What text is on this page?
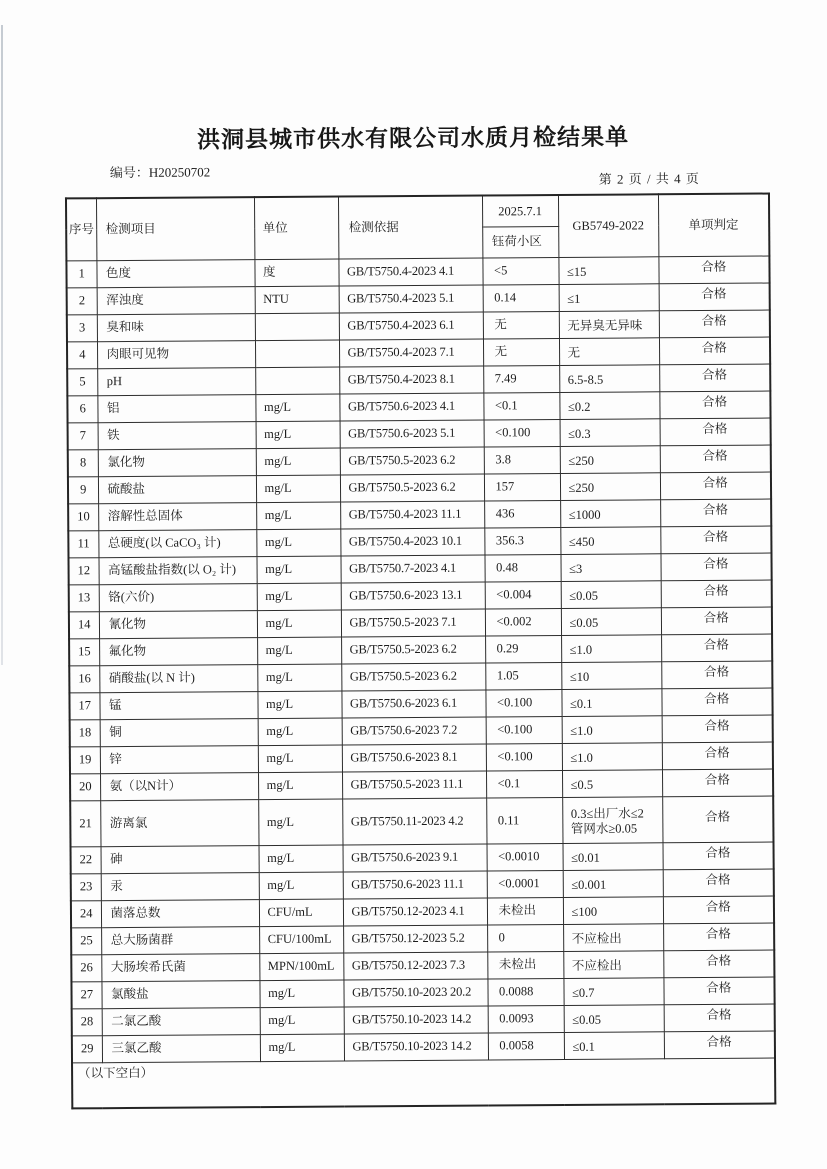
洪洞县城市供水有限公司水质月检结果单
编号：H20250702	第 2 页 / 共 4 页
序号	检测项目	单位	检测依据	2025.7.1	GB5749-2022	单项判定
				钰荷小区		
1	色度	度	GB/T5750.4-2023 4.1	<5	≤15	合格
2	浑浊度	NTU	GB/T5750.4-2023 5.1	0.14	≤1	合格
3	臭和味		GB/T5750.4-2023 6.1	无	无异臭无异味	合格
4	肉眼可见物		GB/T5750.4-2023 7.1	无	无	合格
5	pH		GB/T5750.4-2023 8.1	7.49	6.5-8.5	合格
6	铝	mg/L	GB/T5750.6-2023 4.1	<0.1	≤0.2	合格
7	铁	mg/L	GB/T5750.6-2023 5.1	<0.100	≤0.3	合格
8	氯化物	mg/L	GB/T5750.5-2023 6.2	3.8	≤250	合格
9	硫酸盐	mg/L	GB/T5750.5-2023 6.2	157	≤250	合格
10	溶解性总固体	mg/L	GB/T5750.4-2023 11.1	436	≤1000	合格
11	总硬度(以 CaCO₃ 计)	mg/L	GB/T5750.4-2023 10.1	356.3	≤450	合格
12	高锰酸盐指数(以 O₂ 计)	mg/L	GB/T5750.7-2023 4.1	0.48	≤3	合格
13	铬(六价)	mg/L	GB/T5750.6-2023 13.1	<0.004	≤0.05	合格
14	氰化物	mg/L	GB/T5750.5-2023 7.1	<0.002	≤0.05	合格
15	氟化物	mg/L	GB/T5750.5-2023 6.2	0.29	≤1.0	合格
16	硝酸盐(以 N 计)	mg/L	GB/T5750.5-2023 6.2	1.05	≤10	合格
17	锰	mg/L	GB/T5750.6-2023 6.1	<0.100	≤0.1	合格
18	铜	mg/L	GB/T5750.6-2023 7.2	<0.100	≤1.0	合格
19	锌	mg/L	GB/T5750.6-2023 8.1	<0.100	≤1.0	合格
20	氨（以N计）	mg/L	GB/T5750.5-2023 11.1	<0.1	≤0.5	合格
21	游离氯	mg/L	GB/T5750.11-2023 4.2	0.11	0.3≤出厂水≤2
管网水≥0.05	合格
22	砷	mg/L	GB/T5750.6-2023 9.1	<0.0010	≤0.01	合格
23	汞	mg/L	GB/T5750.6-2023 11.1	<0.0001	≤0.001	合格
24	菌落总数	CFU/mL	GB/T5750.12-2023 4.1	未检出	≤100	合格
25	总大肠菌群	CFU/100mL	GB/T5750.12-2023 5.2	0	不应检出	合格
26	大肠埃希氏菌	MPN/100mL	GB/T5750.12-2023 7.3	未检出	不应检出	合格
27	氯酸盐	mg/L	GB/T5750.10-2023 20.2	0.0088	≤0.7	合格
28	二氯乙酸	mg/L	GB/T5750.10-2023 14.2	0.0093	≤0.05	合格
29	三氯乙酸	mg/L	GB/T5750.10-2023 14.2	0.0058	≤0.1	合格
（以下空白）						
